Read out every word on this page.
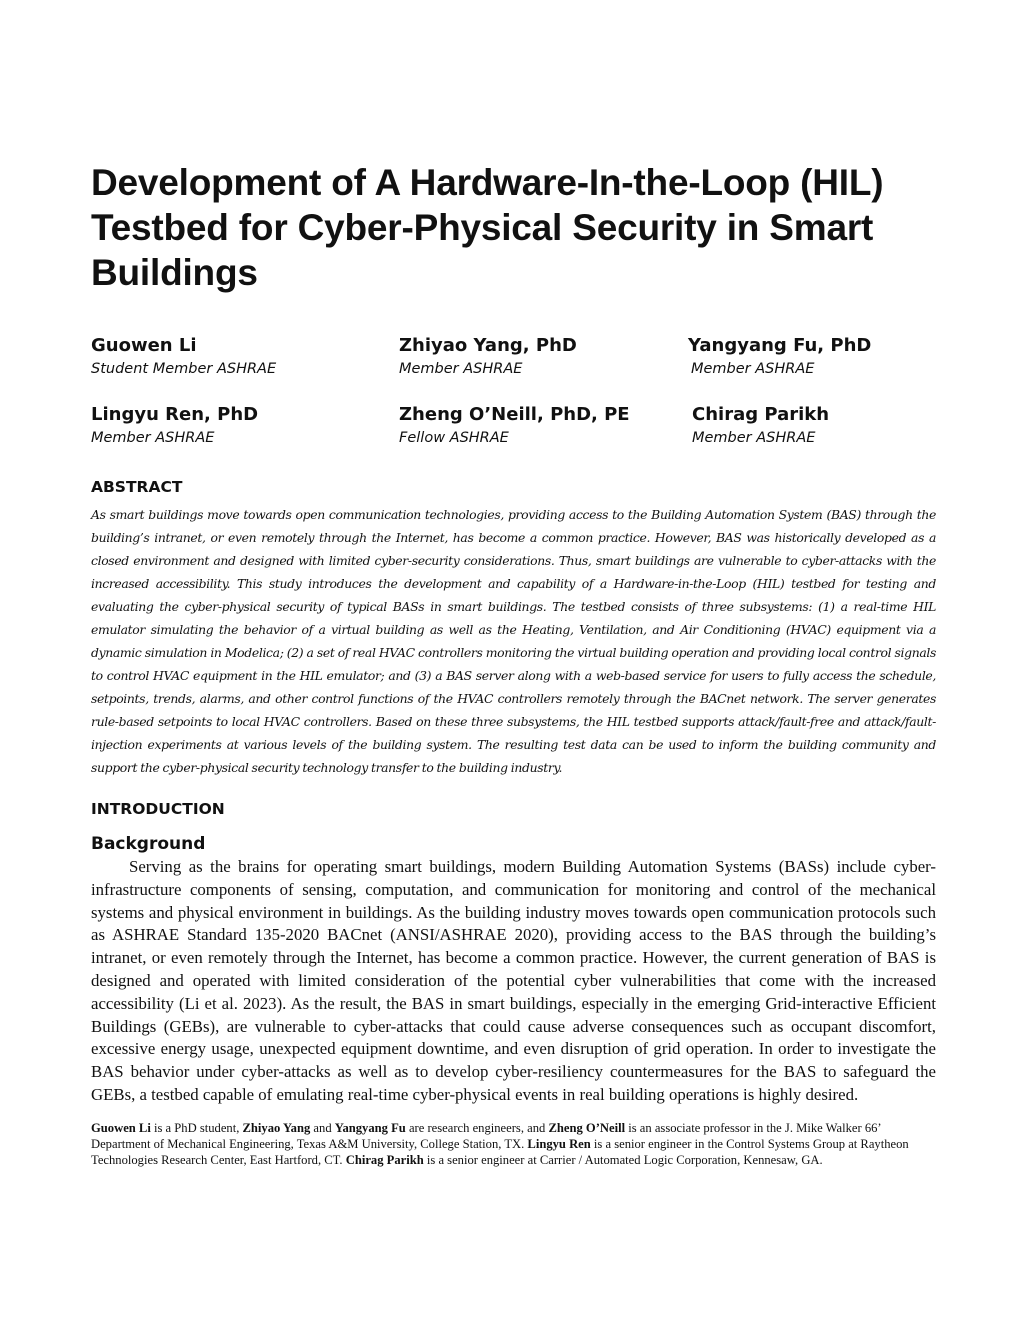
Development of A Hardware-In-the-Loop (HIL) Testbed for Cyber-Physical Security in Smart Buildings
Guowen Li
Student Member ASHRAE
Zhiyao Yang, PhD
Member ASHRAE
Yangyang Fu, PhD
Member ASHRAE
Lingyu Ren, PhD
Member ASHRAE
Zheng O’Neill, PhD, PE
Fellow ASHRAE
Chirag Parikh
Member ASHRAE
ABSTRACT

As smart buildings move towards open communication technologies, providing access to the Building Automation System (BAS) through the building’s intranet, or even remotely through the Internet, has become a common practice. However, BAS was historically developed as a closed environment and designed with limited cyber-security considerations. Thus, smart buildings are vulnerable to cyber-attacks with the increased accessibility. This study introduces the development and capability of a Hardware-in-the-Loop (HIL) testbed for testing and evaluating the cyber-physical security of typical BASs in smart buildings. The testbed consists of three subsystems: (1) a real-time HIL emulator simulating the behavior of a virtual building as well as the Heating, Ventilation, and Air Conditioning (HVAC) equipment via a dynamic simulation in Modelica; (2) a set of real HVAC controllers monitoring the virtual building operation and providing local control signals to control HVAC equipment in the HIL emulator; and (3) a BAS server along with a web-based service for users to fully access the schedule, setpoints, trends, alarms, and other control functions of the HVAC controllers remotely through the BACnet network. The server generates rule-based setpoints to local HVAC controllers. Based on these three subsystems, the HIL testbed supports attack/fault-free and attack/fault-injection experiments at various levels of the building system. The resulting test data can be used to inform the building community and support the cyber-physical security technology transfer to the building industry.

INTRODUCTION
Background

Serving as the brains for operating smart buildings, modern Building Automation Systems (BASs) include cyber-infrastructure components of sensing, computation, and communication for monitoring and control of the mechanical systems and physical environment in buildings. As the building industry moves towards open communication protocols such as ASHRAE Standard 135-2020 BACnet (ANSI/ASHRAE 2020), providing access to the BAS through the building’s intranet, or even remotely through the Internet, has become a common practice. However, the current generation of BAS is designed and operated with limited consideration of the potential cyber vulnerabilities that come with the increased accessibility (Li et al. 2023). As the result, the BAS in smart buildings, especially in the emerging Grid-interactive Efficient Buildings (GEBs), are vulnerable to cyber-attacks that could cause adverse consequences such as occupant discomfort, excessive energy usage, unexpected equipment downtime, and even disruption of grid operation. In order to investigate the BAS behavior under cyber-attacks as well as to develop cyber-resiliency countermeasures for the BAS to safeguard the GEBs, a testbed capable of emulating real-time cyber-physical events in real building operations is highly desired.

Guowen Li is a PhD student, Zhiyao Yang and Yangyang Fu are research engineers, and Zheng O’Neill is an associate professor in the J. Mike Walker 66’ Department of Mechanical Engineering, Texas A&M University, College Station, TX. Lingyu Ren is a senior engineer in the Control Systems Group at Raytheon Technologies Research Center, East Hartford, CT. Chirag Parikh is a senior engineer at Carrier / Automated Logic Corporation, Kennesaw, GA.
